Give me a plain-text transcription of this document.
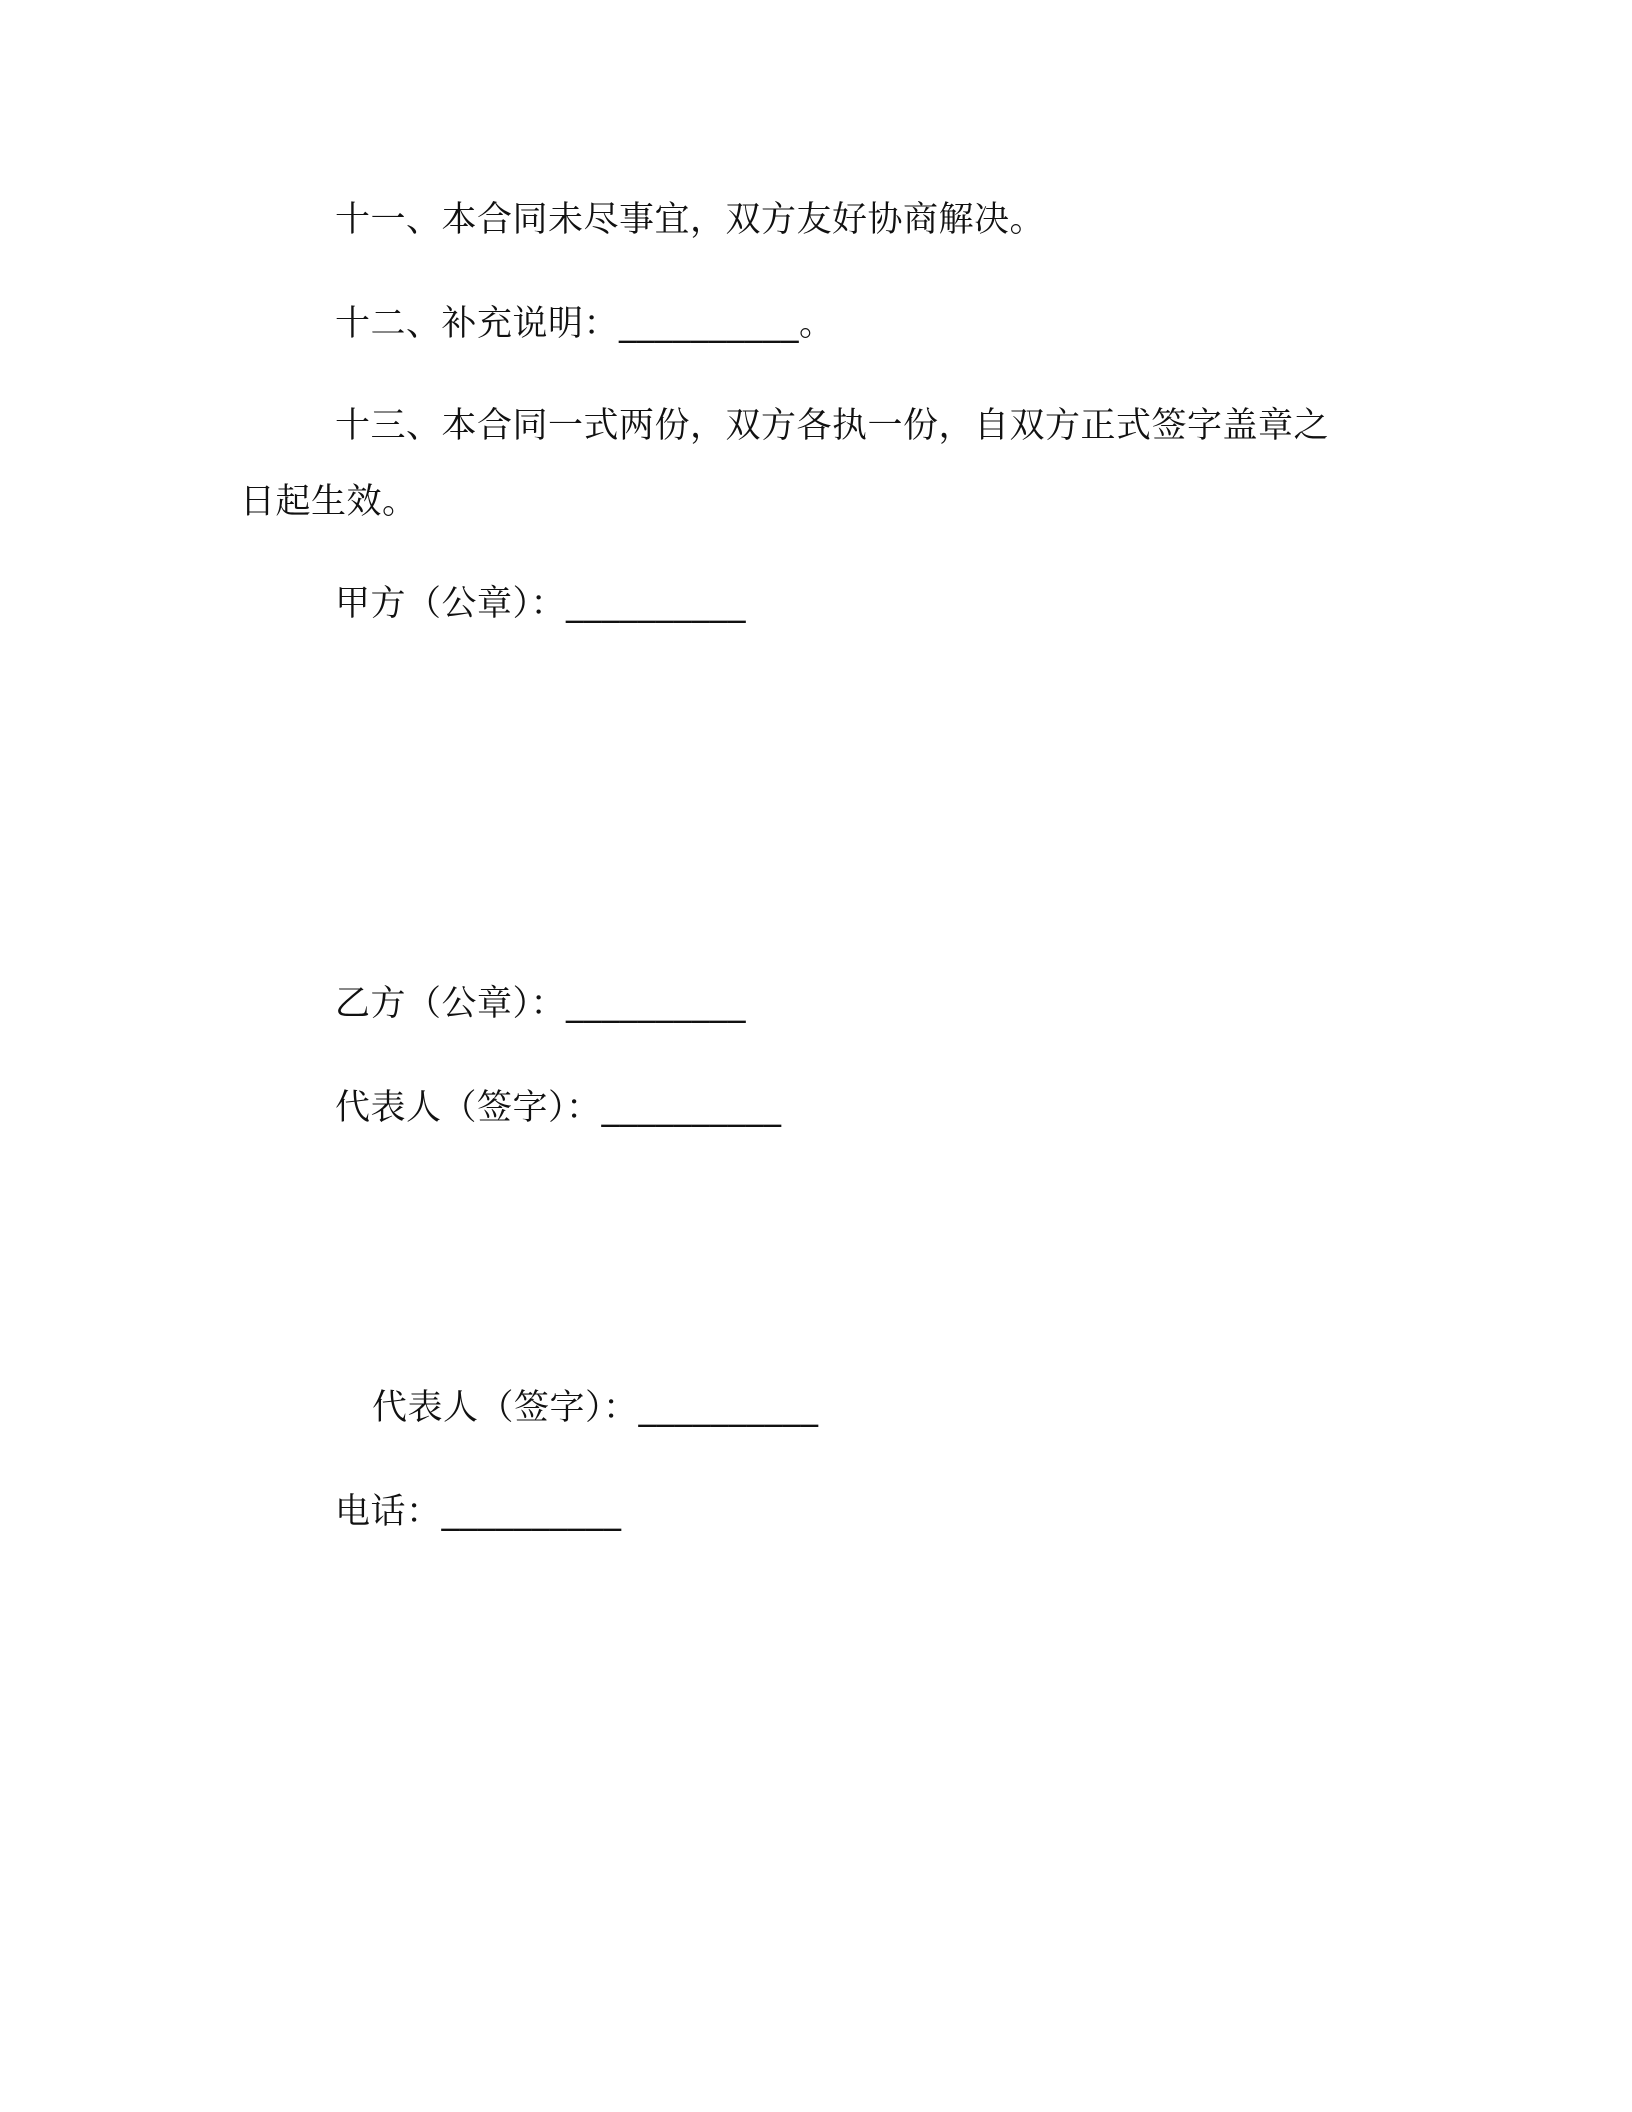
十一、本合同未尽事宜，双方友好协商解决。
十二、补充说明：__________。
十三、本合同一式两份，双方各执一份，自双方正式签字盖章之
日起生效。
甲方（公章）：__________
乙方（公章）：__________
代表人（签字）：__________
代表人（签字）：__________
电话：__________
